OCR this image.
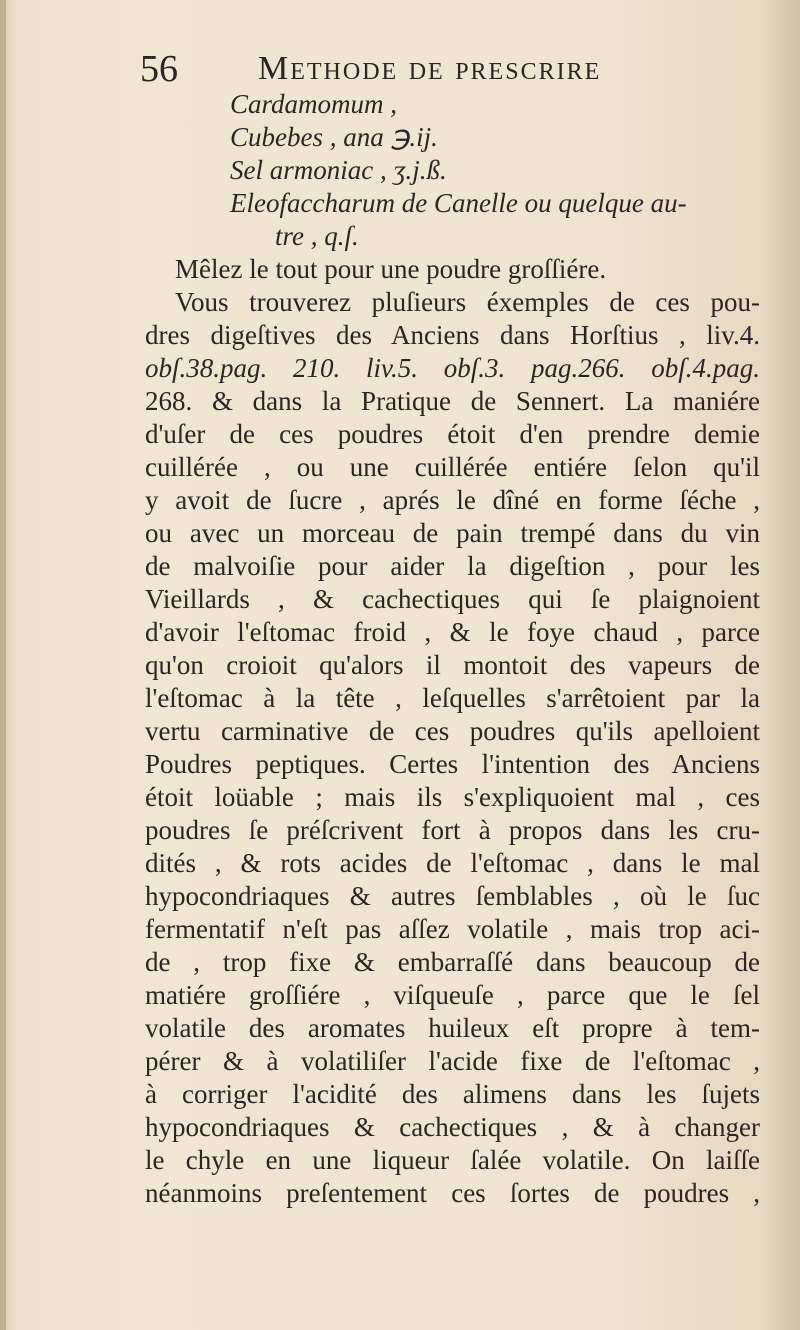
56 Methode de prescrire
Cardamomum ,
Cubebes , ana ℈.ij.
Sel armoniac , ʒ.j.ß.
Eleofaccharum de Canelle ou quelque au-
tre , q.ſ.
Mêlez le tout pour une poudre groſſiére.
Vous trouverez pluſieurs éxemples de ces pou-
dres digeſtives des Anciens dans Horſtius , liv.4.
obſ.38.pag. 210. liv.5. obſ.3. pag.266. obſ.4.pag.
268. & dans la Pratique de Sennert. La maniére
d'uſer de ces poudres étoit d'en prendre demie
cuillérée , ou une cuillérée entiére ſelon qu'il
y avoit de ſucre , aprés le dîné en forme ſéche ,
ou avec un morceau de pain trempé dans du vin
de malvoiſie pour aider la digeſtion , pour les
Vieillards , & cachectiques qui ſe plaignoient
d'avoir l'eſtomac froid , & le foye chaud , parce
qu'on croioit qu'alors il montoit des vapeurs de
l'eſtomac à la tête , leſquelles s'arrêtoient par la
vertu carminative de ces poudres qu'ils apelloient
Poudres peptiques. Certes l'intention des Anciens
étoit loüable ; mais ils s'expliquoient mal , ces
poudres ſe préſcrivent fort à propos dans les cru-
dités , & rots acides de l'eſtomac , dans le mal
hypocondriaques & autres ſemblables , où le ſuc
fermentatif n'eſt pas aſſez volatile , mais trop aci-
de , trop fixe & embarraſſé dans beaucoup de
matiére groſſiére , viſqueuſe , parce que le ſel
volatile des aromates huileux eſt propre à tem-
pérer & à volatiliſer l'acide fixe de l'eſtomac ,
à corriger l'acidité des alimens dans les ſujets
hypocondriaques & cachectiques , & à changer
le chyle en une liqueur ſalée volatile. On laiſſe
néanmoins preſentement ces ſortes de poudres ,
